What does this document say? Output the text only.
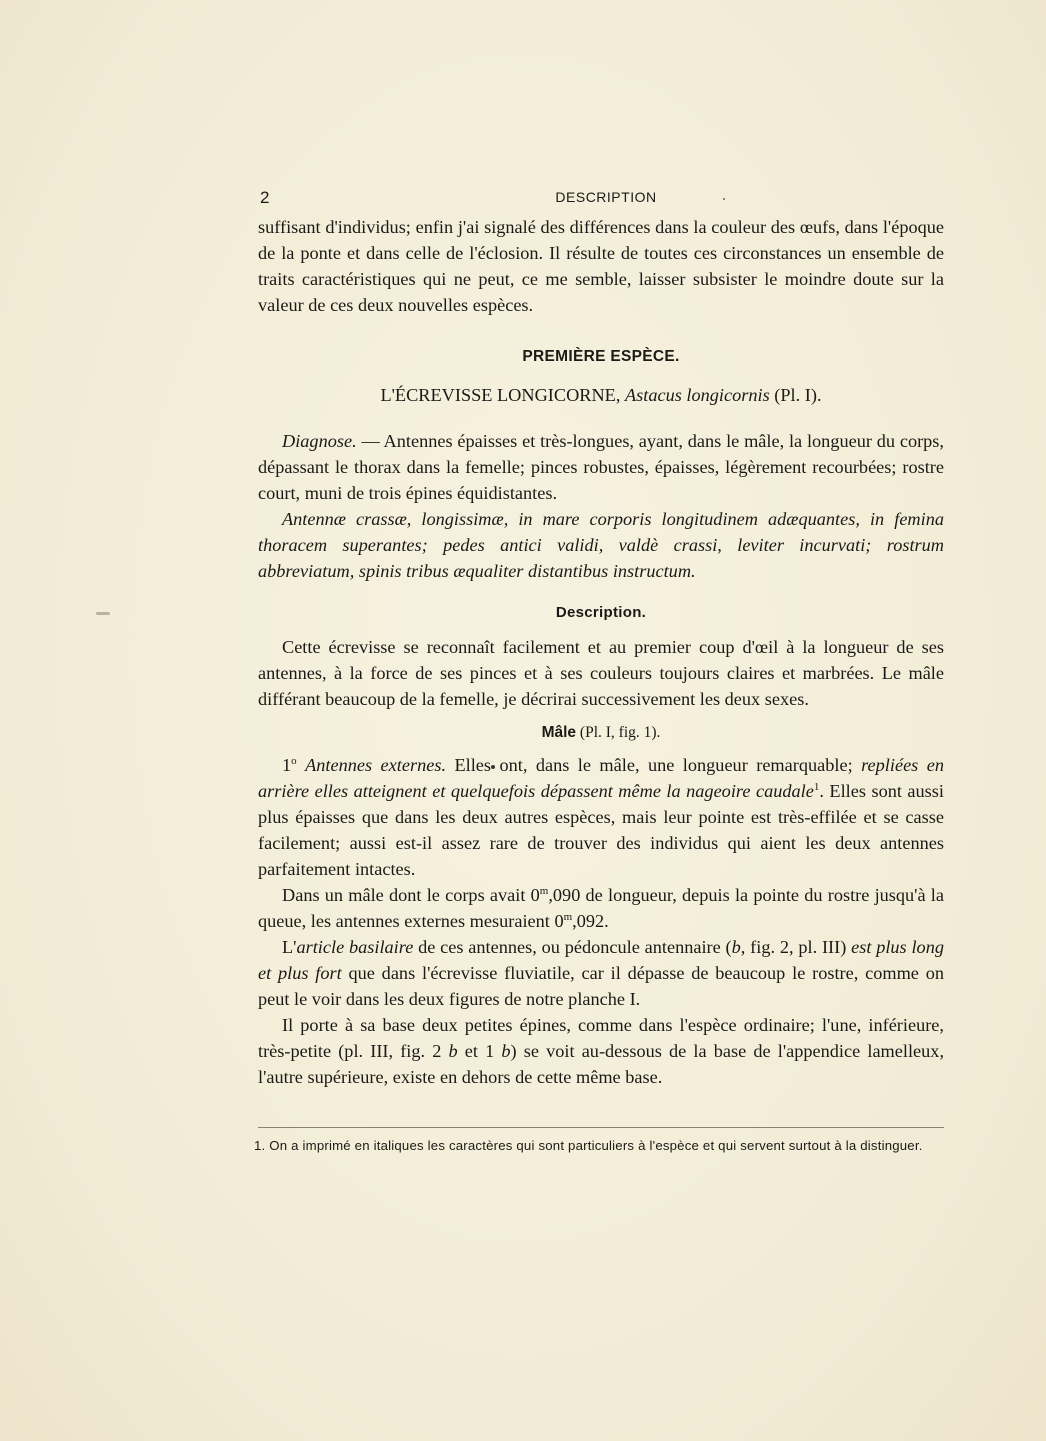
2	DESCRIPTION

suffisant d'individus; enfin j'ai signalé des différences dans la couleur des œufs, dans l'époque de la ponte et dans celle de l'éclosion. Il résulte de toutes ces circonstances un ensemble de traits caractéristiques qui ne peut, ce me semble, laisser subsister le moindre doute sur la valeur de ces deux nouvelles espèces.

PREMIÈRE ESPÈCE.
L'ÉCREVISSE LONGICORNE, Astacus longicornis (Pl. I).

Diagnose. — Antennes épaisses et très-longues, ayant, dans le mâle, la longueur du corps, dépassant le thorax dans la femelle; pinces robustes, épaisses, légèrement recourbées; rostre court, muni de trois épines équidistantes.

Antennæ crassæ, longissimæ, in mare corporis longitudinem adæquantes, in femina thoracem superantes; pedes antici validi, valdè crassi, leviter incurvati; rostrum abbreviatum, spinis tribus æqualiter distantibus instructum.

Description.

Cette écrevisse se reconnaît facilement et au premier coup d'œil à la longueur de ses antennes, à la force de ses pinces et à ses couleurs toujours claires et marbrées. Le mâle différant beaucoup de la femelle, je décrirai successivement les deux sexes.

Mâle (Pl. I, fig. 1).

1$^o$ Antennes externes. Elles ont, dans le mâle, une longueur remarquable; repliées en arrière elles atteignent et quelquefois dépassent même la nageoire caudale$^1$. Elles sont aussi plus épaisses que dans les deux autres espèces, mais leur pointe est très-effilée et se casse facilement; aussi est-il assez rare de trouver des individus qui aient les deux antennes parfaitement intactes.

Dans un mâle dont le corps avait 0$^m$,090 de longueur, depuis la pointe du rostre jusqu'à la queue, les antennes externes mesuraient 0$^m$,092.

L'article basilaire de ces antennes, ou pédoncule antennaire (b, fig. 2, pl. III) est plus long et plus fort que dans l'écrevisse fluviatile, car il dépasse de beaucoup le rostre, comme on peut le voir dans les deux figures de notre planche I.

Il porte à sa base deux petites épines, comme dans l'espèce ordinaire; l'une, inférieure, très-petite (pl. III, fig. 2 b et 1 b) se voit au-dessous de la base de l'appendice lamelleux, l'autre supérieure, existe en dehors de cette même base.

1. On a imprimé en italiques les caractères qui sont particuliers à l'espèce et qui servent surtout à la distinguer.
